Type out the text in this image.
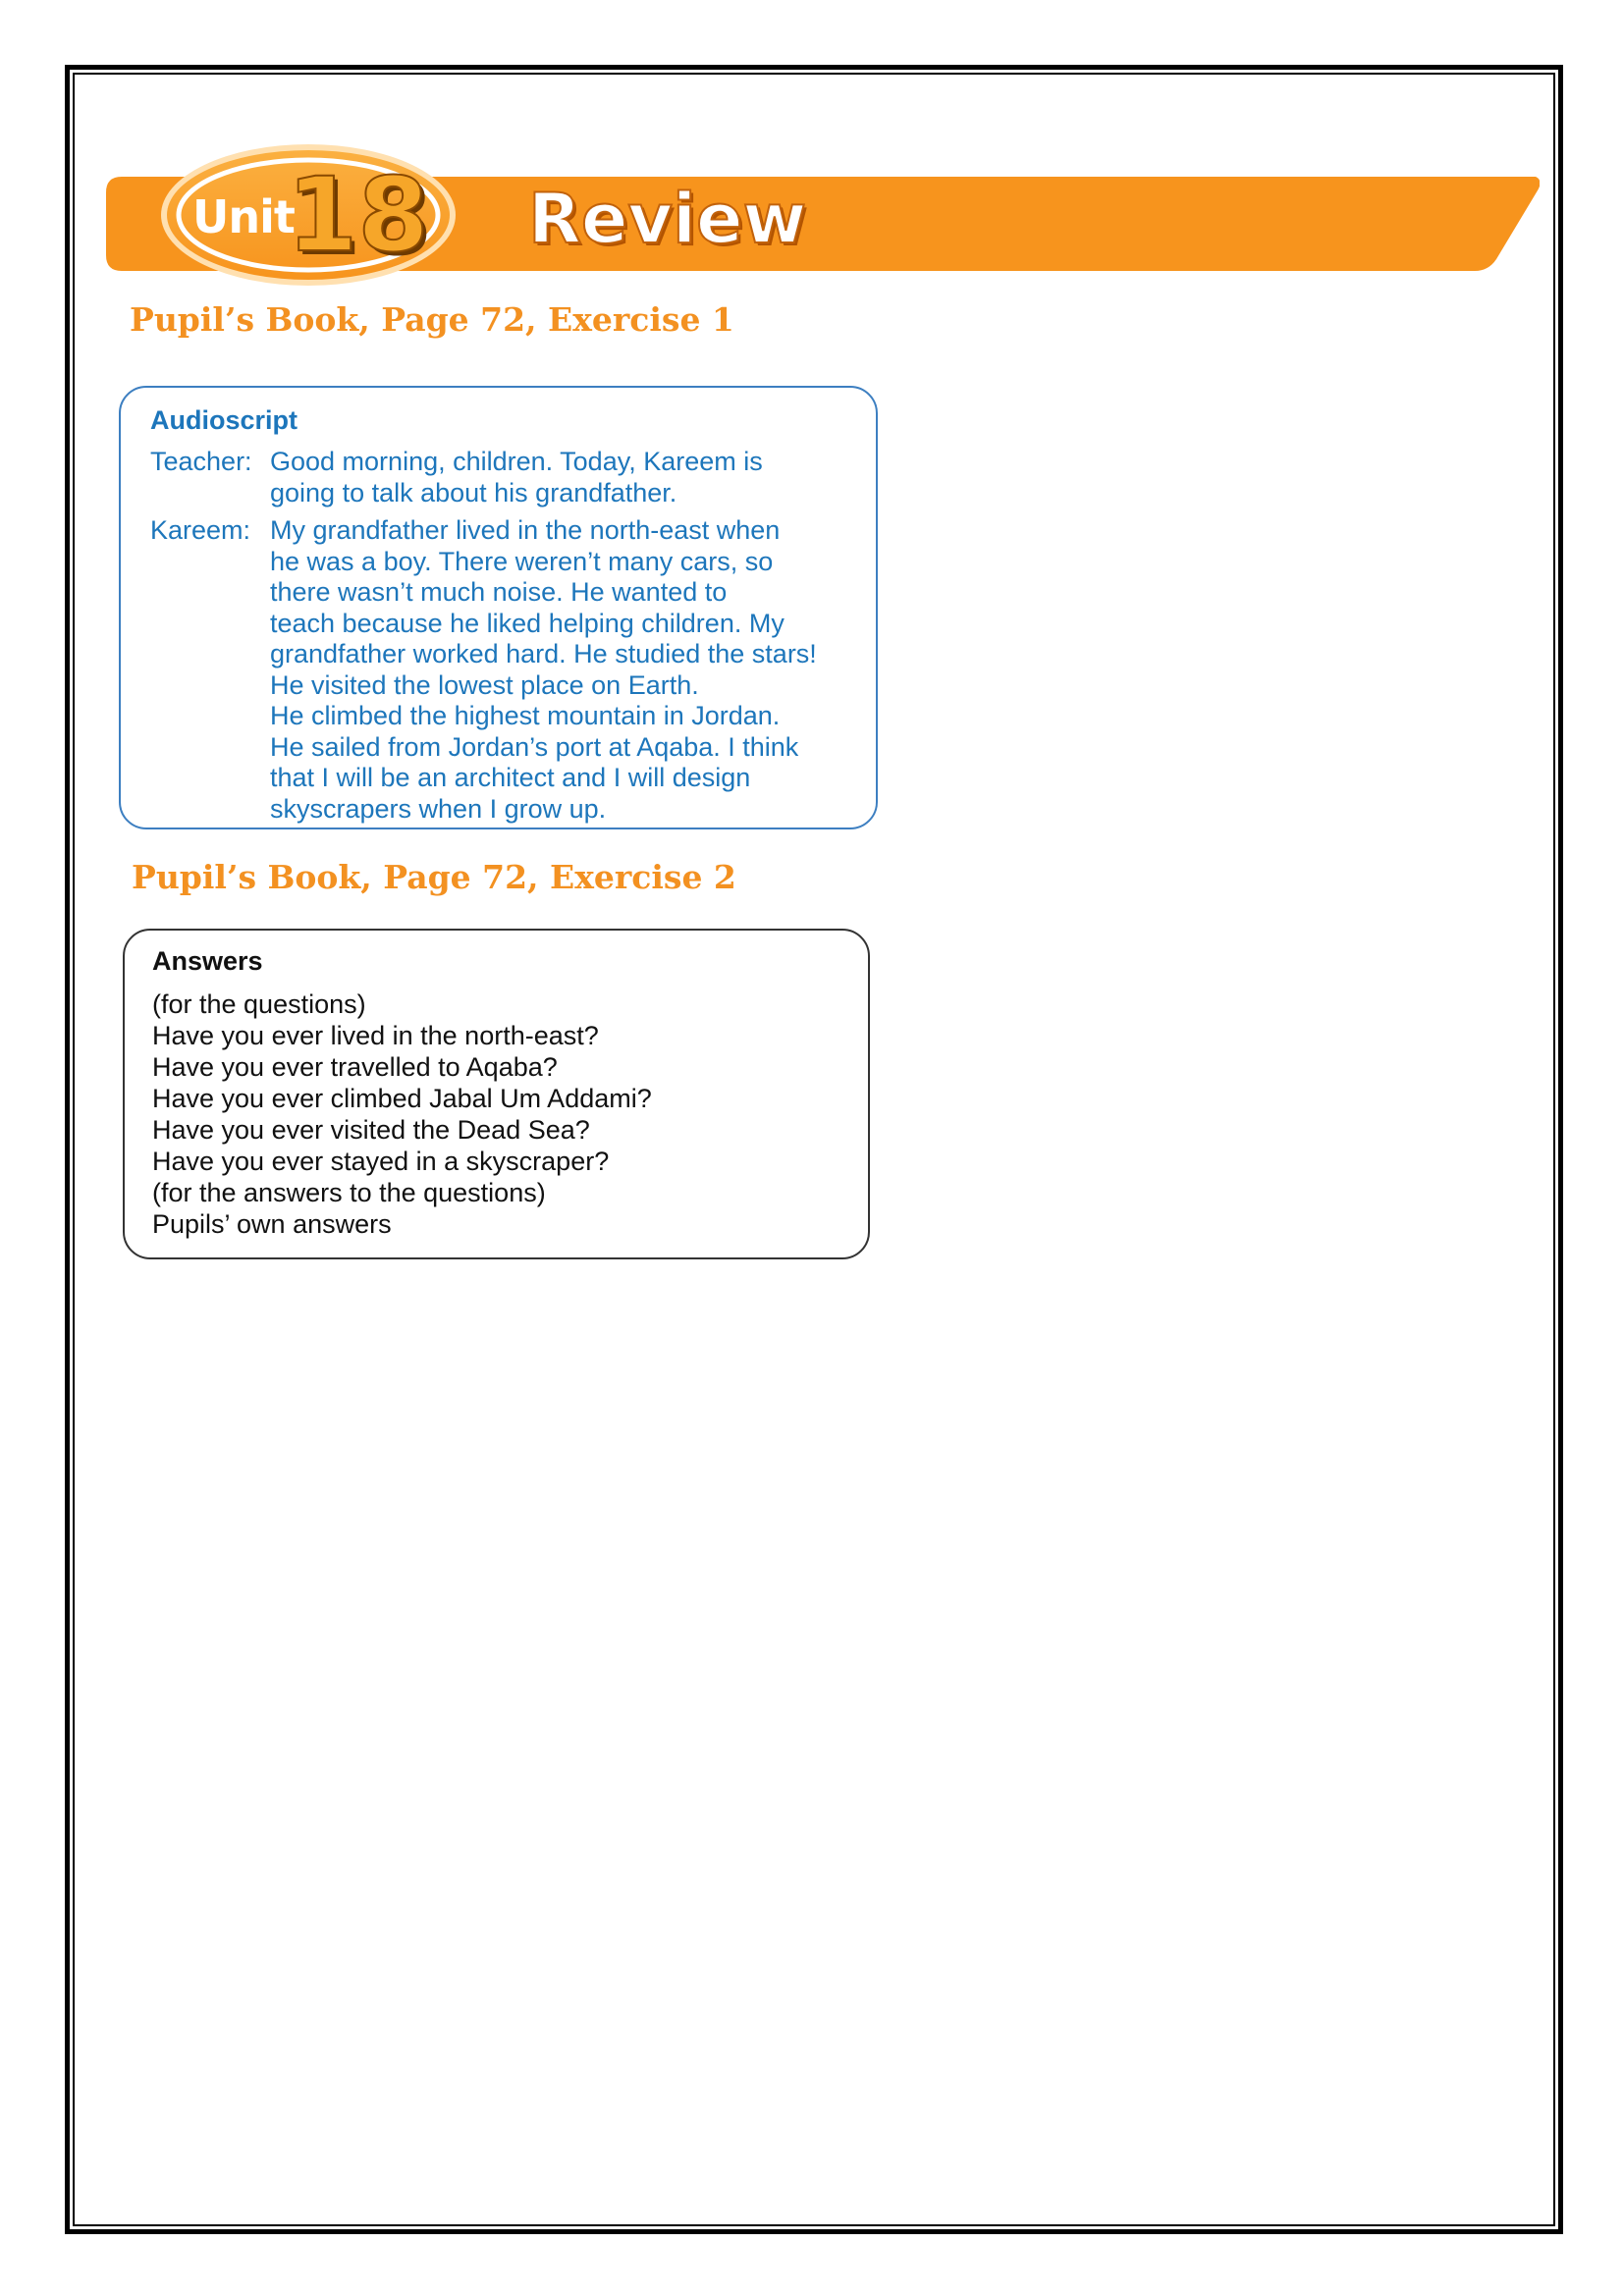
Unit
18 Review
Pupil’s Book, Page 72, Exercise 1
Audioscript
Teacher: Good morning, children. Today, Kareem is
going to talk about his grandfather.
Kareem: My grandfather lived in the north-east when
he was a boy. There weren’t many cars, so
there wasn’t much noise. He wanted to
teach because he liked helping children. My
grandfather worked hard. He studied the stars!
He visited the lowest place on Earth.
He climbed the highest mountain in Jordan.
He sailed from Jordan’s port at Aqaba. I think
that I will be an architect and I will design
skyscrapers when I grow up.
Pupil’s Book, Page 72, Exercise 2
Answers
(for the questions)
Have you ever lived in the north-east?
Have you ever travelled to Aqaba?
Have you ever climbed Jabal Um Addami?
Have you ever visited the Dead Sea?
Have you ever stayed in a skyscraper?
(for the answers to the questions)
Pupils’ own answers
